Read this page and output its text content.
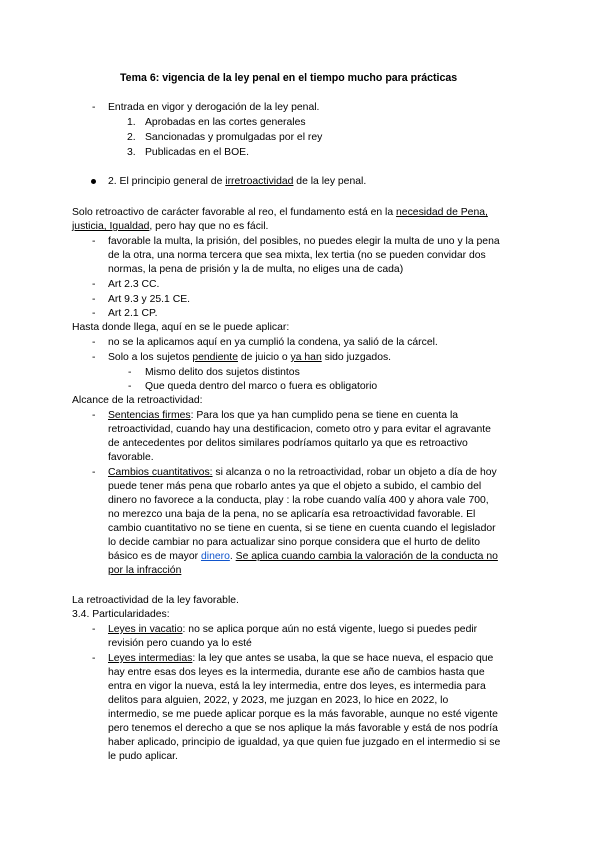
Tema 6: vigencia de la ley penal en el tiempo mucho para prácticas
- Entrada en vigor y derogación de la ley penal.
1. Aprobadas en las cortes generales
2. Sancionadas y promulgadas por el rey
3. Publicadas en el BOE.
2. El principio general de irretroactividad de la ley penal.
Solo retroactivo de carácter favorable al reo, el fundamento está en la necesidad de Pena,
justicia, Igualdad, pero hay que no es fácil.
- favorable la multa, la prisión, del posibles, no puedes elegir la multa de uno y la pena
de la otra, una norma tercera que sea mixta, lex tertia (no se pueden convidar dos
normas, la pena de prisión y la de multa, no eliges una de cada)
- Art 2.3 CC.
- Art 9.3 y 25.1 CE.
- Art 2.1 CP.
Hasta donde llega, aquí en se le puede aplicar:
- no se la aplicamos aquí en ya cumplió la condena, ya salió de la cárcel.
- Solo a los sujetos pendiente de juicio o ya han sido juzgados.
- Mismo delito dos sujetos distintos
- Que queda dentro del marco o fuera es obligatorio
Alcance de la retroactividad:
- Sentencias firmes: Para los que ya han cumplido pena se tiene en cuenta la
retroactividad, cuando hay una destificacion, cometo otro y para evitar el agravante
de antecedentes por delitos similares podríamos quitarlo ya que es retroactivo
favorable.
- Cambios cuantitativos: si alcanza o no la retroactividad, robar un objeto a día de hoy
puede tener más pena que robarlo antes ya que el objeto a subido, el cambio del
dinero no favorece a la conducta, play : la robe cuando valía 400 y ahora vale 700,
no merezco una baja de la pena, no se aplicaría esa retroactividad favorable. El
cambio cuantitativo no se tiene en cuenta, si se tiene en cuenta cuando el legislador
lo decide cambiar no para actualizar sino porque considera que el hurto de delito
básico es de mayor dinero. Se aplica cuando cambia la valoración de la conducta no
por la infracción
La retroactividad de la ley favorable.
3.4. Particularidades:
- Leyes in vacatio: no se aplica porque aún no está vigente, luego si puedes pedir
revisión pero cuando ya lo esté
- Leyes intermedias: la ley que antes se usaba, la que se hace nueva, el espacio que
hay entre esas dos leyes es la intermedia, durante ese año de cambios hasta que
entra en vigor la nueva, está la ley intermedia, entre dos leyes, es intermedia para
delitos para alguien, 2022, y 2023, me juzgan en 2023, lo hice en 2022, lo
intermedio, se me puede aplicar porque es la más favorable, aunque no esté vigente
pero tenemos el derecho a que se nos aplique la más favorable y está de nos podría
haber aplicado, principio de igualdad, ya que quien fue juzgado en el intermedio si se
le pudo aplicar.
